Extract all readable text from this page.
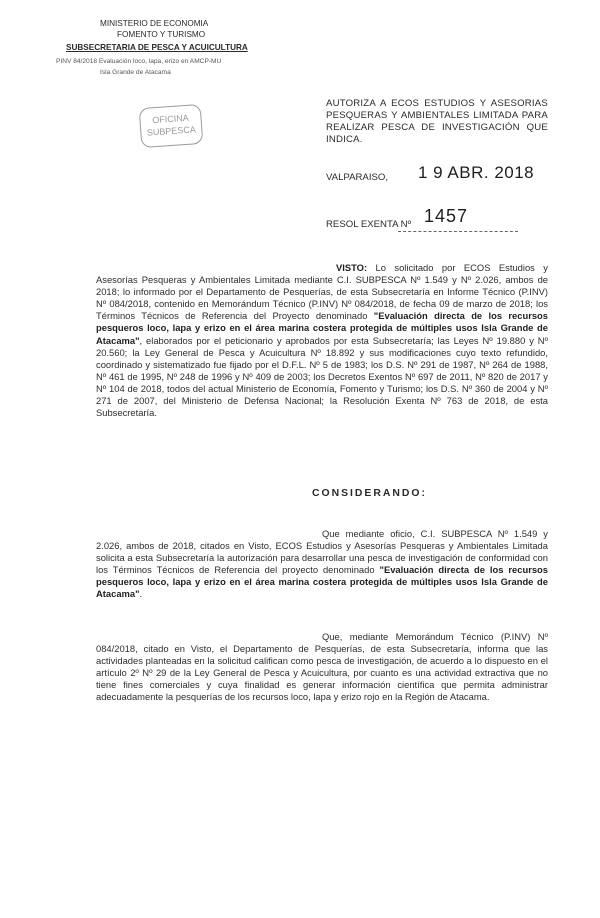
MINISTERIO DE ECONOMIA
FOMENTO Y TURISMO
SUBSECRETARIA DE PESCA Y ACUICULTURA
PINV 84/2018 Evaluación loco, lapa, erizo en AMCP-MU
Isla Grande de Atacama
OFICINA
SUBPESCA
AUTORIZA A ECOS ESTUDIOS Y ASESORIAS PESQUERAS Y AMBIENTALES LIMITADA PARA REALIZAR PESCA DE INVESTIGACIÓN QUE INDICA.
VALPARAISO, 1 9 ABR. 2018
RESOL EXENTA Nº 1457
VISTO: Lo solicitado por ECOS Estudios y Asesorías Pesqueras y Ambientales Limitada mediante C.I. SUBPESCA Nº 1.549 y Nº 2.026, ambos de 2018; lo informado por el Departamento de Pesquerías, de esta Subsecretaría en Informe Técnico (P.INV) Nº 084/2018, contenido en Memorándum Técnico (P.INV) Nº 084/2018, de fecha 09 de marzo de 2018; los Términos Técnicos de Referencia del Proyecto denominado "Evaluación directa de los recursos pesqueros loco, lapa y erizo en el área marina costera protegida de múltiples usos Isla Grande de Atacama", elaborados por el peticionario y aprobados por esta Subsecretaría; las Leyes Nº 19.880 y Nº 20.560; la Ley General de Pesca y Acuicultura Nº 18.892 y sus modificaciones cuyo texto refundido, coordinado y sistematizado fue fijado por el D.F.L. Nº 5 de 1983; los D.S. Nº 291 de 1987, Nº 264 de 1988, Nº 461 de 1995, Nº 248 de 1996 y Nº 409 de 2003; los Decretos Exentos Nº 697 de 2011, Nº 820 de 2017 y Nº 104 de 2018, todos del actual Ministerio de Economía, Fomento y Turismo; los D.S. Nº 360 de 2004 y Nº 271 de 2007, del Ministerio de Defensa Nacional; la Resolución Exenta Nº 763 de 2018, de esta Subsecretaría.
CONSIDERANDO:
Que mediante oficio, C.I. SUBPESCA Nº 1.549 y 2.026, ambos de 2018, citados en Visto, ECOS Estudios y Asesorías Pesqueras y Ambientales Limitada solicita a esta Subsecretaría la autorización para desarrollar una pesca de investigación de conformidad con los Términos Técnicos de Referencia del proyecto denominado "Evaluación directa de los recursos pesqueros loco, lapa y erizo en el área marina costera protegida de múltiples usos Isla Grande de Atacama".
Que, mediante Memorándum Técnico (P.INV) Nº 084/2018, citado en Visto, el Departamento de Pesquerías, de esta Subsecretaría, informa que las actividades planteadas en la solicitud califican como pesca de investigación, de acuerdo a lo dispuesto en el artículo 2º Nº 29 de la Ley General de Pesca y Acuicultura, por cuanto es una actividad extractiva que no tiene fines comerciales y cuya finalidad es generar información científica que permita administrar adecuadamente la pesquerías de los recursos loco, lapa y erizo rojo en la Región de Atacama.
